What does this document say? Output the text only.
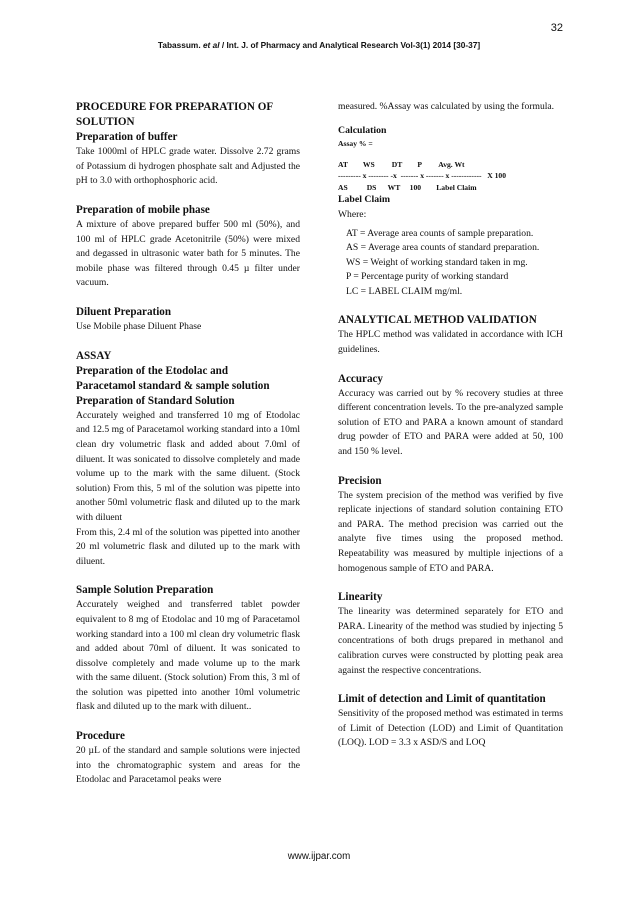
32
Tabassum. et al / Int. J. of Pharmacy and Analytical Research Vol-3(1) 2014 [30-37]
PROCEDURE FOR PREPARATION OF SOLUTION
Preparation of buffer

Take 1000ml of HPLC grade water. Dissolve 2.72 grams of Potassium di hydrogen phosphate salt and Adjusted the pH to 3.0 with orthophosphoric acid.

Preparation of mobile phase

A mixture of above prepared buffer 500 ml (50%), and 100 ml of HPLC grade Acetonitrile (50%) were mixed and degassed in ultrasonic water bath for 5 minutes. The mobile phase was filtered through 0.45 µ filter under vacuum.

Diluent Preparation

Use Mobile phase Diluent Phase

ASSAY
Preparation of the Etodolac and
Paracetamol standard & sample solution
Preparation of Standard Solution

Accurately weighed and transferred 10 mg of Etodolac and 12.5 mg of Paracetamol working standard into a 10ml clean dry volumetric flask and added about 7.0ml of diluent. It was sonicated to dissolve completely and made volume up to the mark with the same diluent. (Stock solution) From this, 5 ml of the solution was pipette into another 50ml volumetric flask and diluted up to the mark with diluent

From this, 2.4 ml of the solution was pipetted into another 20 ml volumetric flask and diluted up to the mark with diluent.

Sample Solution Preparation

Accurately weighed and transferred tablet powder equivalent to 8 mg of Etodolac and 10 mg of Paracetamol working standard into a 100 ml clean dry volumetric flask and added about 70ml of diluent. It was sonicated to dissolve completely and made volume up to the mark with the same diluent. (Stock solution) From this, 3 ml of the solution was pipetted into another 10ml volumetric flask and diluted up to the mark with diluent..

Procedure

20 µL of the standard and sample solutions were injected into the chromatographic system and areas for the Etodolac and Paracetamol peaks were

measured. %Assay was calculated by using the formula.

Calculation
Assay % =
AT        WS         DT        P         Avg. Wt
--------- x -------- -x  ------- x ------- x ------------   X 100
AS          DS      WT     100        Label Claim
Label Claim

Where:

AT = Average area counts of sample preparation.

AS = Average area counts of standard preparation.

WS = Weight of working standard taken in mg.

P = Percentage purity of working standard

LC = LABEL CLAIM mg/ml.

ANALYTICAL METHOD VALIDATION

The HPLC method was validated in accordance with ICH guidelines.

Accuracy

Accuracy was carried out by % recovery studies at three different concentration levels. To the pre-analyzed sample solution of ETO and PARA a known amount of standard drug powder of ETO and PARA were added at 50, 100 and 150 % level.

Precision

The system precision of the method was verified by five replicate injections of standard solution containing ETO and PARA. The method precision was carried out the analyte five times using the proposed method. Repeatability was measured by multiple injections of a homogenous sample of ETO and PARA.

Linearity

The linearity was determined separately for ETO and PARA. Linearity of the method was studied by injecting 5 concentrations of both drugs prepared in methanol and calibration curves were constructed by plotting peak area against the respective concentrations.

Limit of detection and Limit of quantitation

Sensitivity of the proposed method was estimated in terms of Limit of Detection (LOD) and Limit of Quantitation (LOQ). LOD = 3.3 x ASD/S and LOQ

www.ijpar.com
